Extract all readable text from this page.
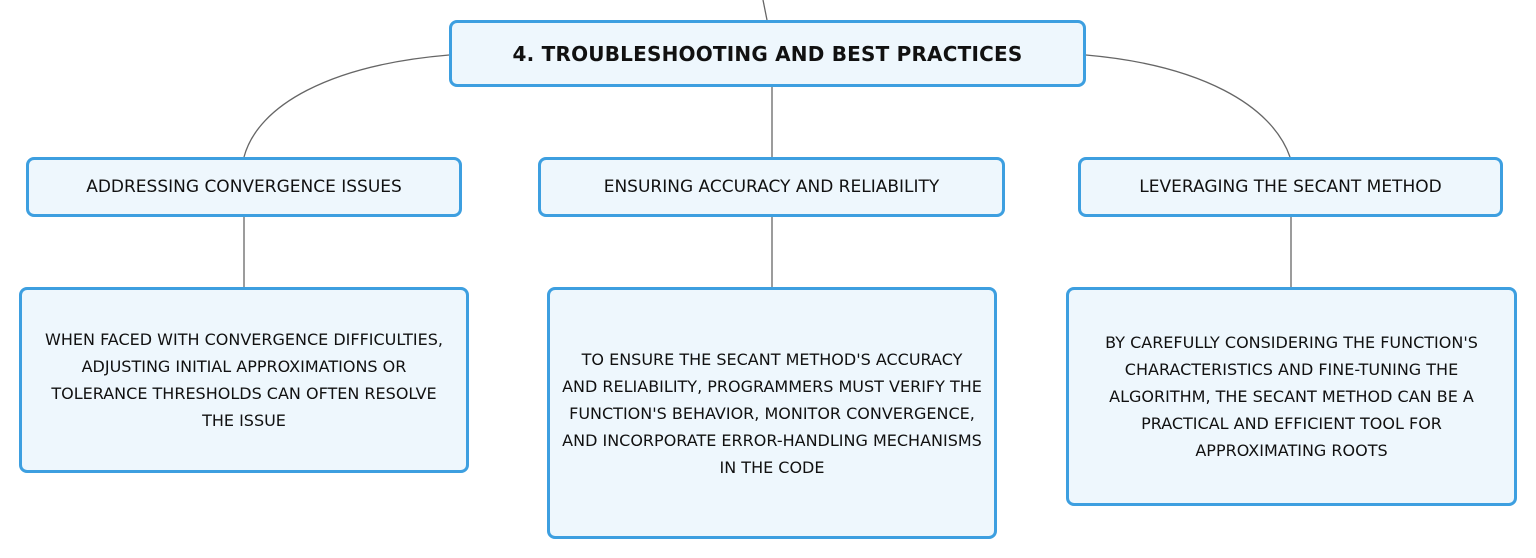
4. TROUBLESHOOTING AND BEST PRACTICES
ADDRESSING CONVERGENCE ISSUES	ENSURING ACCURACY AND RELIABILITY	LEVERAGING THE SECANT METHOD
WHEN FACED WITH CONVERGENCE DIFFICULTIES, ADJUSTING INITIAL APPROXIMATIONS OR TOLERANCE THRESHOLDS CAN OFTEN RESOLVE THE ISSUE
TO ENSURE THE SECANT METHOD'S ACCURACY AND RELIABILITY, PROGRAMMERS MUST VERIFY THE FUNCTION'S BEHAVIOR, MONITOR CONVERGENCE, AND INCORPORATE ERROR-HANDLING MECHANISMS IN THE CODE
BY CAREFULLY CONSIDERING THE FUNCTION'S CHARACTERISTICS AND FINE-TUNING THE ALGORITHM, THE SECANT METHOD CAN BE A PRACTICAL AND EFFICIENT TOOL FOR APPROXIMATING ROOTS
